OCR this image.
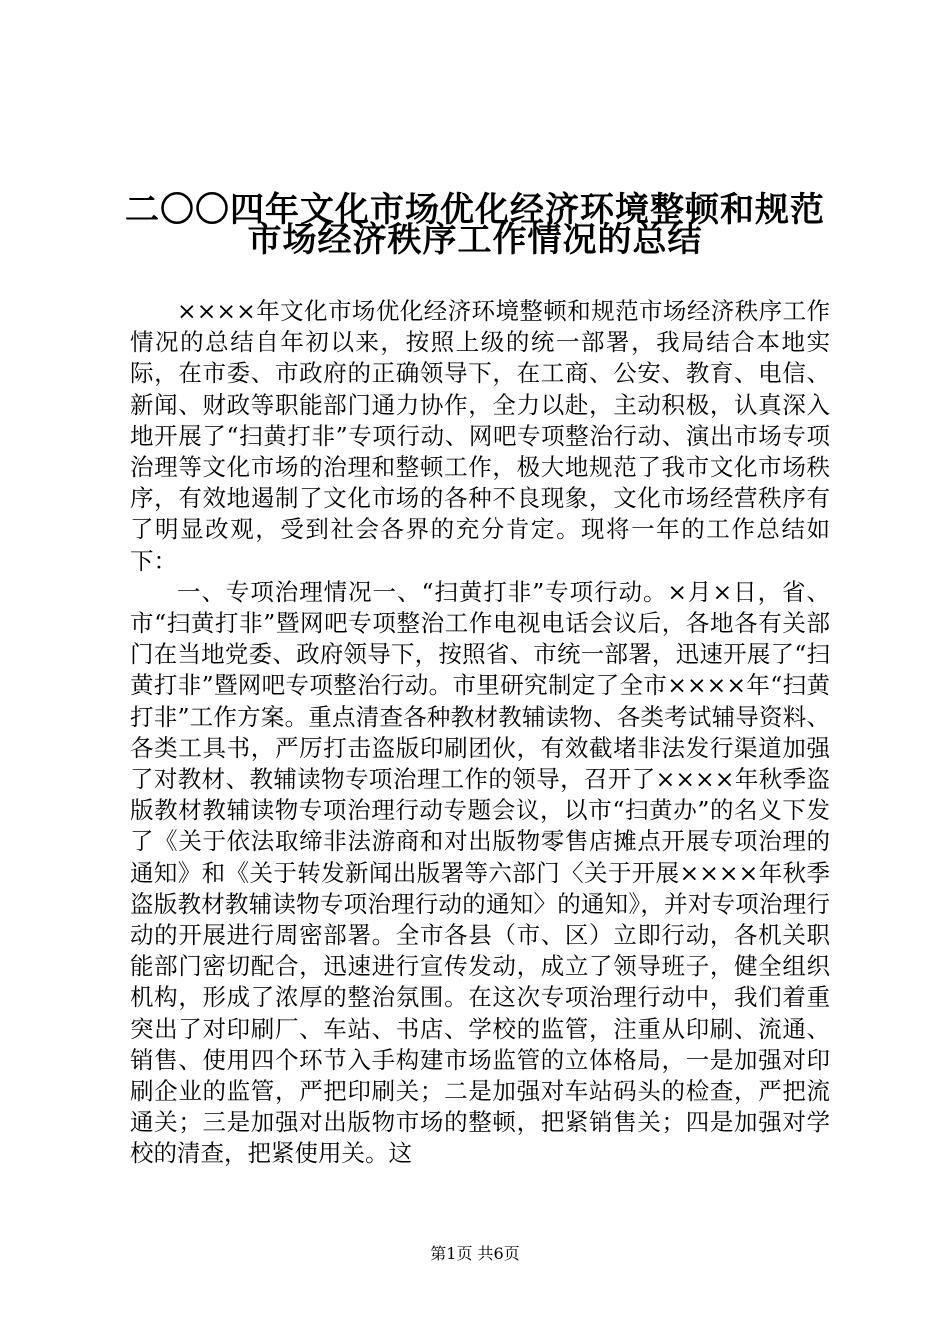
二〇〇四年文化市场优化经济环境整顿和规范
市场经济秩序工作情况的总结

××××年文化市场优化经济环境整顿和规范市场经济秩序工作情况的总结自年初以来，按照上级的统一部署，我局结合本地实际，在市委、市政府的正确领导下，在工商、公安、教育、电信、新闻、财政等职能部门通力协作，全力以赴，主动积极，认真深入地开展了“扫黄打非”专项行动、网吧专项整治行动、演出市场专项治理等文化市场的治理和整顿工作，极大地规范了我市文化市场秩序，有效地遏制了文化市场的各种不良现象，文化市场经营秩序有了明显改观，受到社会各界的充分肯定。现将一年的工作总结如下：

一、专项治理情况一、“扫黄打非”专项行动。×月×日，省、市“扫黄打非”暨网吧专项整治工作电视电话会议后，各地各有关部门在当地党委、政府领导下，按照省、市统一部署，迅速开展了“扫黄打非”暨网吧专项整治行动。市里研究制定了全市××××年“扫黄打非”工作方案。重点清查各种教材教辅读物、各类考试辅导资料、各类工具书，严厉打击盗版印刷团伙，有效截堵非法发行渠道加强了对教材、教辅读物专项治理工作的领导，召开了××××年秋季盗版教材教辅读物专项治理行动专题会议，以市“扫黄办”的名义下发了《关于依法取缔非法游商和对出版物零售店摊点开展专项治理的通知》和《关于转发新闻出版署等六部门〈关于开展××××年秋季盗版教材教辅读物专项治理行动的通知〉的通知》，并对专项治理行动的开展进行周密部署。全市各县（市、区）立即行动，各机关职能部门密切配合，迅速进行宣传发动，成立了领导班子，健全组织机构，形成了浓厚的整治氛围。在这次专项治理行动中，我们着重突出了对印刷厂、车站、书店、学校的监管，注重从印刷、流通、销售、使用四个环节入手构建市场监管的立体格局，一是加强对印刷企业的监管，严把印刷关；二是加强对车站码头的检查，严把流通关；三是加强对出版物市场的整顿，把紧销售关；四是加强对学校的清查，把紧使用关。这

第1页 共6页
